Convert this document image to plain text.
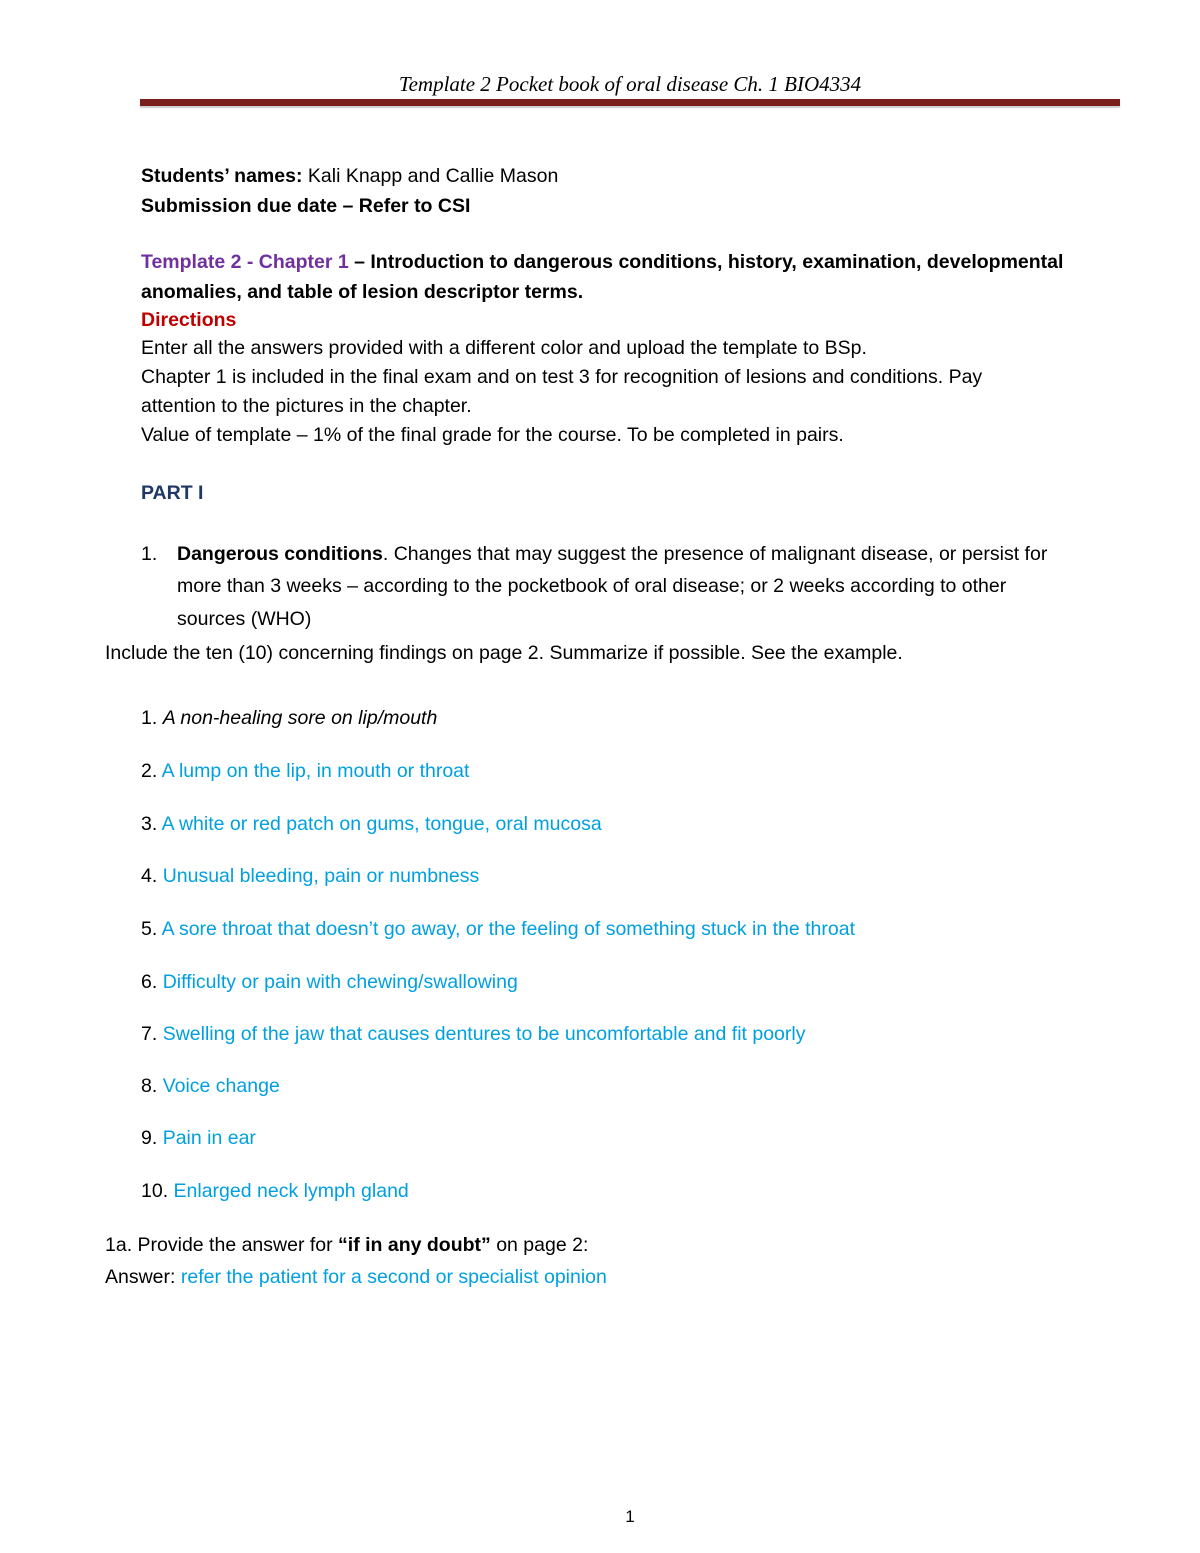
Template 2 Pocket book of oral disease Ch. 1 BIO4334
Students’ names: Kali Knapp and Callie Mason
Submission due date – Refer to CSI
Template 2 - Chapter 1 – Introduction to dangerous conditions, history, examination, developmental
anomalies, and table of lesion descriptor terms.
Directions
Enter all the answers provided with a different color and upload the template to BSp.
Chapter 1 is included in the final exam and on test 3 for recognition of lesions and conditions. Pay
attention to the pictures in the chapter.
Value of template – 1% of the final grade for the course. To be completed in pairs.
PART I
1. Dangerous conditions. Changes that may suggest the presence of malignant disease, or persist for
more than 3 weeks – according to the pocketbook of oral disease; or 2 weeks according to other
sources (WHO)
Include the ten (10) concerning findings on page 2. Summarize if possible. See the example.
1. A non-healing sore on lip/mouth
2. A lump on the lip, in mouth or throat
3. A white or red patch on gums, tongue, oral mucosa
4. Unusual bleeding, pain or numbness
5. A sore throat that doesn’t go away, or the feeling of something stuck in the throat
6. Difficulty or pain with chewing/swallowing
7. Swelling of the jaw that causes dentures to be uncomfortable and fit poorly
8. Voice change
9. Pain in ear
10. Enlarged neck lymph gland
1a. Provide the answer for “if in any doubt” on page 2:
Answer: refer the patient for a second or specialist opinion
1
